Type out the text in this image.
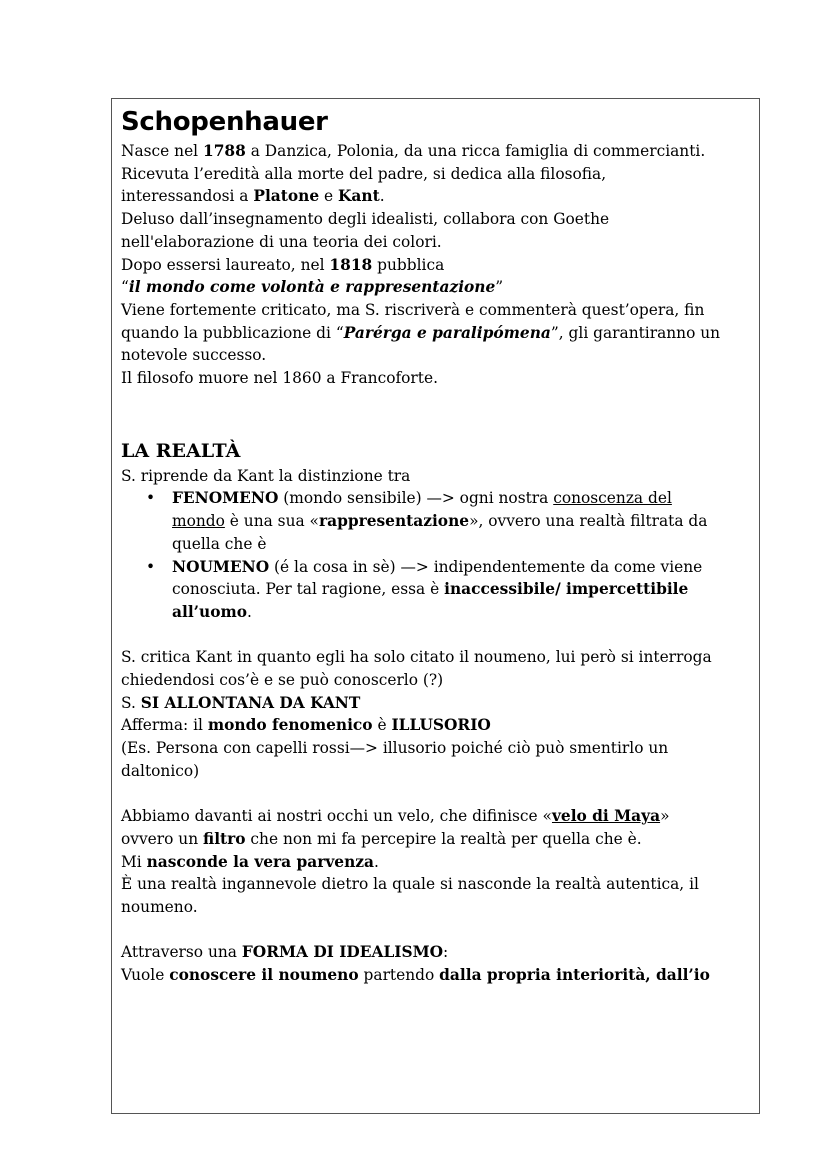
Schopenhauer
Nasce nel 1788 a Danzica, Polonia, da una ricca famiglia di commercianti.
Ricevuta l’eredità alla morte del padre, si dedica alla filosofia,
interessandosi a Platone e Kant.
Deluso dall’insegnamento degli idealisti, collabora con Goethe
nell'elaborazione di una teoria dei colori.
Dopo essersi laureato, nel 1818 pubblica
“il mondo come volontà e rappresentazione”
Viene fortemente criticato, ma S. riscriverà e commenterà quest’opera, fin
quando la pubblicazione di “Parérga e paralipómena”, gli garantiranno un
notevole successo.
Il filosofo muore nel 1860 a Francoforte.
LA REALTÀ
S. riprende da Kant la distinzione tra
• FENOMENO (mondo sensibile) —> ogni nostra conoscenza del
mondo è una sua «rappresentazione», ovvero una realtà filtrata da
quella che è
• NOUMENO (é la cosa in sè) —> indipendentemente da come viene
conosciuta. Per tal ragione, essa è inaccessibile/ impercettibile
all’uomo.
S. critica Kant in quanto egli ha solo citato il noumeno, lui però si interroga
chiedendosi cos’è e se può conoscerlo (?)
S. SI ALLONTANA DA KANT
Afferma: il mondo fenomenico è ILLUSORIO
(Es. Persona con capelli rossi—> illusorio poiché ciò può smentirlo un
daltonico)
Abbiamo davanti ai nostri occhi un velo, che difinisce «velo di Maya»
ovvero un filtro che non mi fa percepire la realtà per quella che è.
Mi nasconde la vera parvenza.
È una realtà ingannevole dietro la quale si nasconde la realtà autentica, il
noumeno.
Attraverso una FORMA DI IDEALISMO:
Vuole conoscere il noumeno partendo dalla propria interiorità, dall’io
